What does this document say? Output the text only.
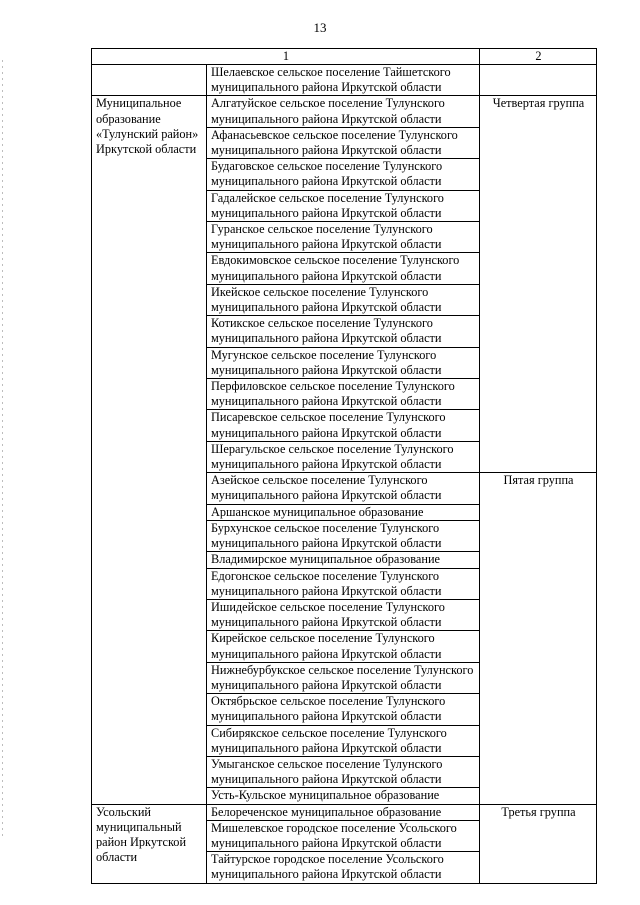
13
1		2
	Шелаевское сельское поселение Тайшетского муниципального района Иркутской области	
Муниципальное образование «Тулунский район» Иркутской области	Алгатуйское сельское поселение Тулунского муниципального района Иркутской области	Четвертая группа
	Афанасьевское сельское поселение Тулунского муниципального района Иркутской области	
	Будаговское сельское поселение Тулунского муниципального района Иркутской области	
	Гадалейское сельское поселение Тулунского муниципального района Иркутской области	
	Гуранское сельское поселение Тулунского муниципального района Иркутской области	
	Евдокимовское сельское поселение Тулунского муниципального района Иркутской области	
	Икейское сельское поселение Тулунского муниципального района Иркутской области	
	Котикское сельское поселение Тулунского муниципального района Иркутской области	
	Мугунское сельское поселение Тулунского муниципального района Иркутской области	
	Перфиловское сельское поселение Тулунского муниципального района Иркутской области	
	Писаревское сельское поселение Тулунского муниципального района Иркутской области	
	Шерагульское сельское поселение Тулунского муниципального района Иркутской области	
	Азейское сельское поселение Тулунского муниципального района Иркутской области	Пятая группа
	Аршанское муниципальное образование	
	Бурхунское сельское поселение Тулунского муниципального района Иркутской области	
	Владимирское муниципальное образование	
	Едогонское сельское поселение Тулунского муниципального района Иркутской области	
	Ишидейское сельское поселение Тулунского муниципального района Иркутской области	
	Кирейское сельское поселение Тулунского муниципального района Иркутской области	
	Нижнебурбукское сельское поселение Тулунского муниципального района Иркутской области	
	Октябрьское сельское поселение Тулунского муниципального района Иркутской области	
	Сибирякское сельское поселение Тулунского муниципального района Иркутской области	
	Умыганское сельское поселение Тулунского муниципального района Иркутской области	
	Усть-Кульское муниципальное образование	
Усольский муниципальный район Иркутской области	Белореченское муниципальное образование	Третья группа
	Мишелевское городское поселение Усольского муниципального района Иркутской области	
	Тайтурское городское поселение Усольского муниципального района Иркутской области	
